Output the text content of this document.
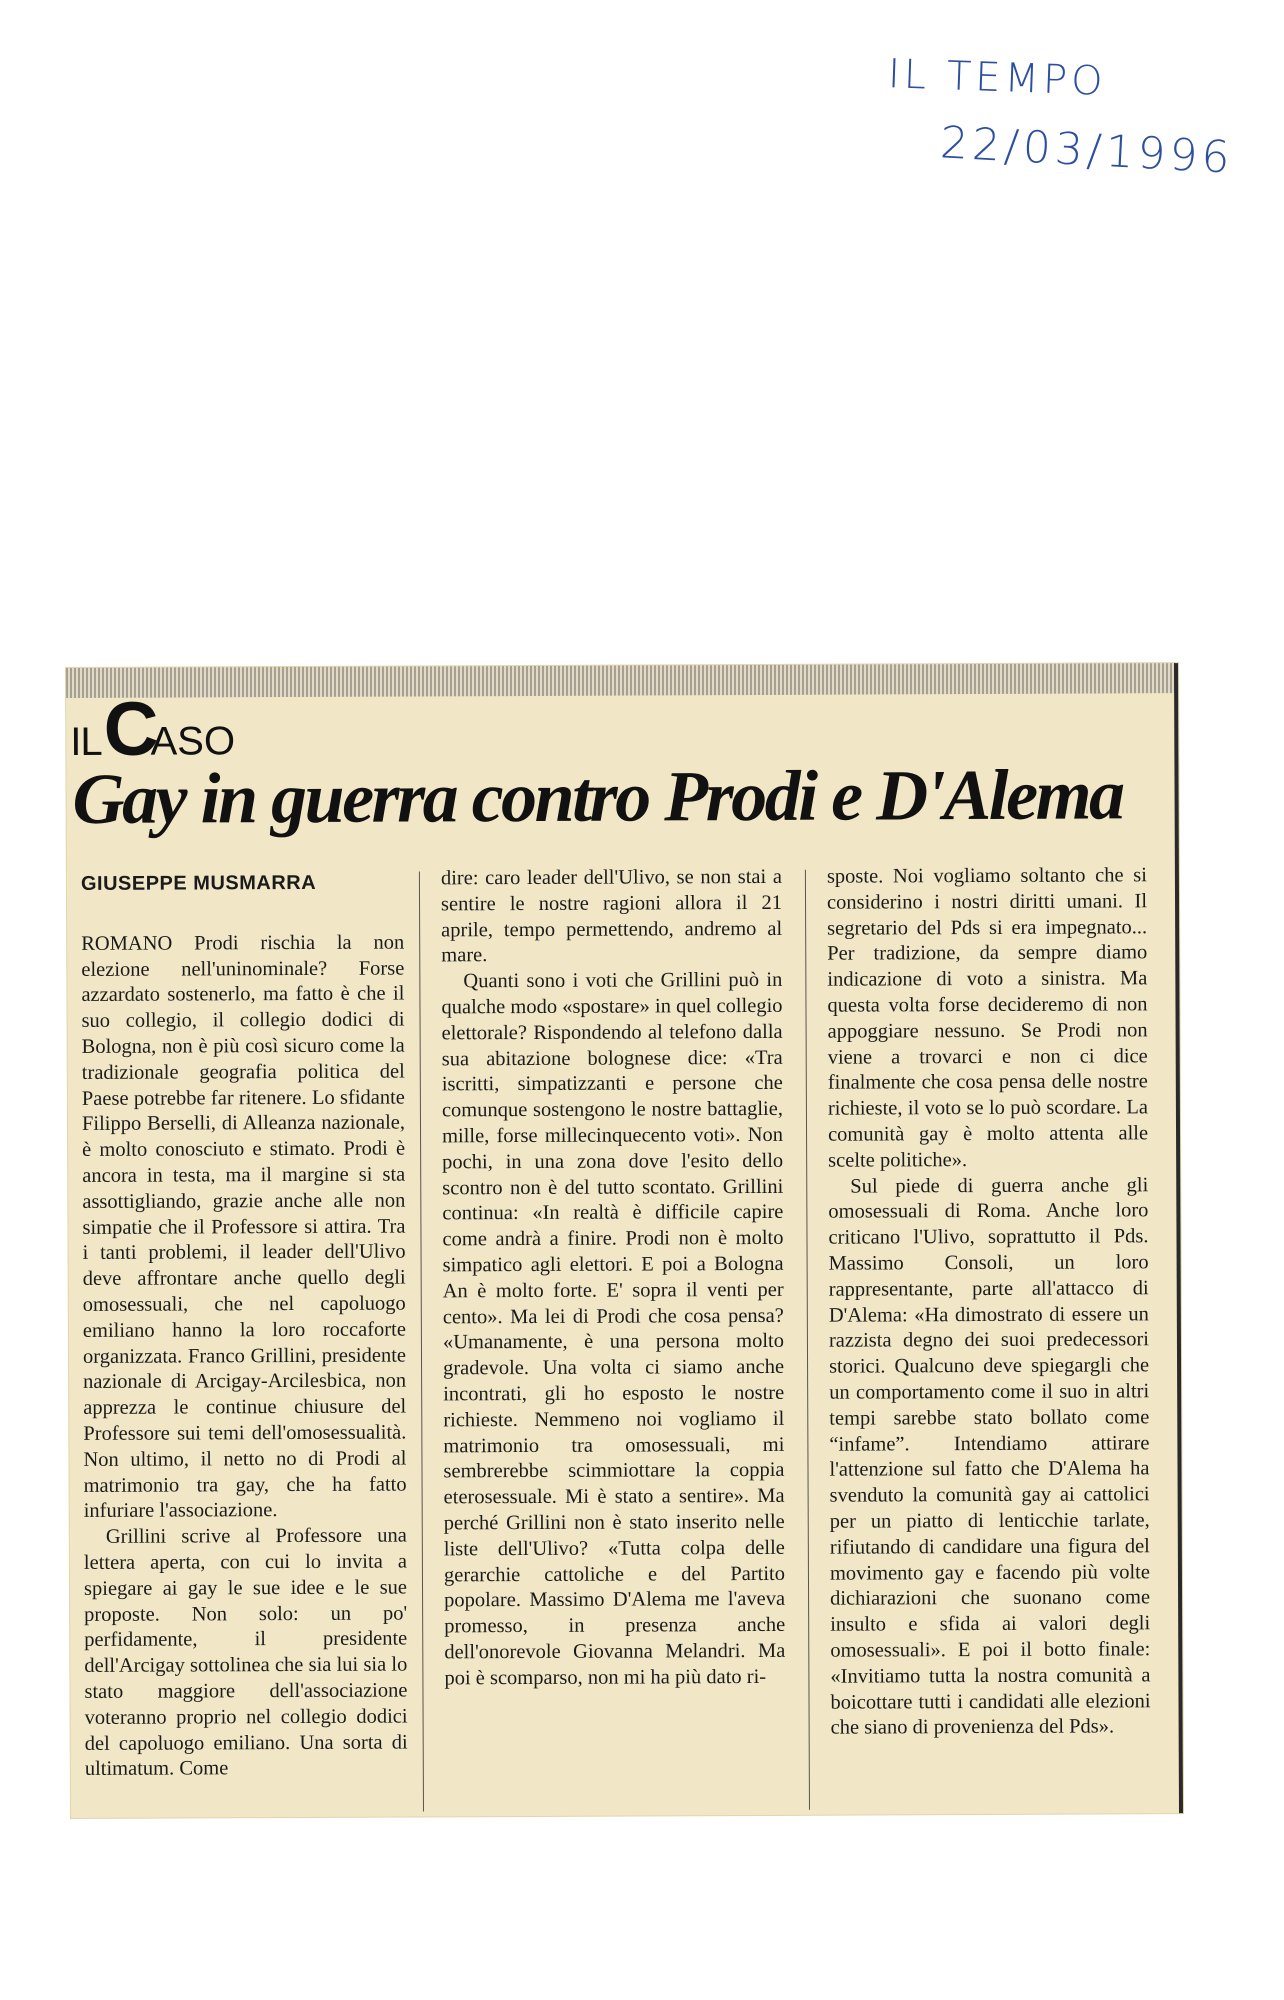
IL TEMPO
22/03/1996
ILCASO
Gay in guerra contro Prodi e D'Alema
GIUSEPPE MUSMARRA

ROMANO Prodi rischia la non elezione nell'uninominale? Forse azzardato sostenerlo, ma fatto è che il suo collegio, il collegio dodici di Bologna, non è più così sicuro come la tradizionale geografia politica del Paese potrebbe far ritenere. Lo sfidante Filippo Berselli, di Alleanza nazionale, è molto conosciuto e stimato. Prodi è ancora in testa, ma il margine si sta assottigliando, grazie anche alle non simpatie che il Professore si attira. Tra i tanti problemi, il leader dell'Ulivo deve affrontare anche quello degli omosessuali, che nel capoluogo emiliano hanno la loro roccaforte organizzata. Franco Grillini, presidente nazionale di Arcigay-Arcilesbica, non apprezza le continue chiusure del Professore sui temi dell'omosessualità. Non ultimo, il netto no di Prodi al matrimonio tra gay, che ha fatto infuriare l'associazione.

Grillini scrive al Professore una lettera aperta, con cui lo invita a spiegare ai gay le sue idee e le sue proposte. Non solo: un po' perfidamente, il presidente dell'Arcigay sottolinea che sia lui sia lo stato maggiore dell'associazione voteranno proprio nel collegio dodici del capoluogo emiliano. Una sorta di ultimatum. Come

dire: caro leader dell'Ulivo, se non stai a sentire le nostre ragioni allora il 21 aprile, tempo permettendo, andremo al mare.

Quanti sono i voti che Grillini può in qualche modo «spostare» in quel collegio elettorale? Rispondendo al telefono dalla sua abitazione bolognese dice: «Tra iscritti, simpatizzanti e persone che comunque sostengono le nostre battaglie, mille, forse millecinquecento voti». Non pochi, in una zona dove l'esito dello scontro non è del tutto scontato. Grillini continua: «In realtà è difficile capire come andrà a finire. Prodi non è molto simpatico agli elettori. E poi a Bologna An è molto forte. E' sopra il venti per cento». Ma lei di Prodi che cosa pensa? «Umanamente, è una persona molto gradevole. Una volta ci siamo anche incontrati, gli ho esposto le nostre richieste. Nemmeno noi vogliamo il matrimonio tra omosessuali, mi sembrerebbe scimmiottare la coppia eterosessuale. Mi è stato a sentire». Ma perché Grillini non è stato inserito nelle liste dell'Ulivo? «Tutta colpa delle gerarchie cattoliche e del Partito popolare. Massimo D'Alema me l'aveva promesso, in presenza anche dell'onorevole Giovanna Melandri. Ma poi è scomparso, non mi ha più dato ri-

sposte. Noi vogliamo soltanto che si considerino i nostri diritti umani. Il segretario del Pds si era impegnato... Per tradizione, da sempre diamo indicazione di voto a sinistra. Ma questa volta forse decideremo di non appoggiare nessuno. Se Prodi non viene a trovarci e non ci dice finalmente che cosa pensa delle nostre richieste, il voto se lo può scordare. La comunità gay è molto attenta alle scelte politiche».

Sul piede di guerra anche gli omosessuali di Roma. Anche loro criticano l'Ulivo, soprattutto il Pds. Massimo Consoli, un loro rappresentante, parte all'attacco di D'Alema: «Ha dimostrato di essere un razzista degno dei suoi predecessori storici. Qualcuno deve spiegargli che un comportamento come il suo in altri tempi sarebbe stato bollato come “infame”. Intendiamo attirare l'attenzione sul fatto che D'Alema ha svenduto la comunità gay ai cattolici per un piatto di lenticchie tarlate, rifiutando di candidare una figura del movimento gay e facendo più volte dichiarazioni che suonano come insulto e sfida ai valori degli omosessuali». E poi il botto finale: «Invitiamo tutta la nostra comunità a boicottare tutti i candidati alle elezioni che siano di provenienza del Pds».
